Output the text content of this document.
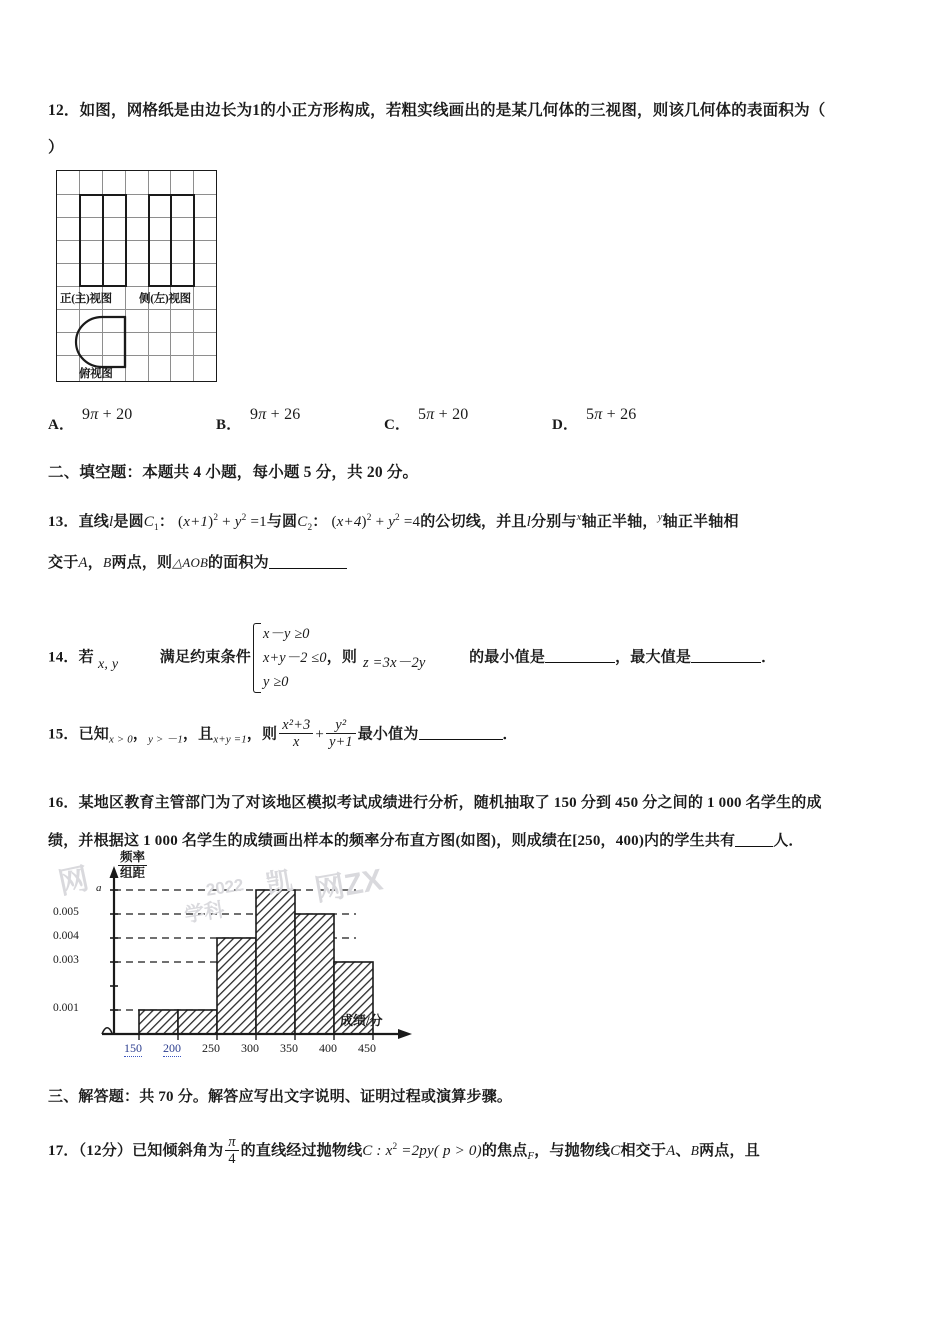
12．如图，网格纸是由边长为1的小正方形构成，若粗实线画出的是某几何体的三视图，则该几何体的表面积为（
）
正(主)视图 侧(左)视图
俯视图
A．
9π + 20
B．
9π + 26
C．
5π + 20
D．
5π + 26
二、填空题：本题共 4 小题，每小题 5 分，共 20 分。
13．直线l是圆$C_1$： $(x+1)^2 + y^2 =1$与圆$C_2$： $(x+4)^2 + y^2 =4$的公切线，并且l分别与$^x$轴正半轴，$^y$轴正半轴相
交于A，B两点，则△AOB的面积为
14．若	满足约束条件
x－y ≥0
x+y－2 ≤0
y ≥0
，则	的最小值是	，最大值是	．
x, y	z =3x－2y
15．已知$_{x > 0}$，$_{y > -1}$，且$_{x+y =1}$，则 $\frac{\text{x²+3}}{x} + \frac{\text{y²}}{y+1}$ 最小值为	．
16．某地区教育主管部门为了对该地区模拟考试成绩进行分析，随机抽取了 150 分到 450 分之间的 1 000 名学生的成
绩，并根据这 1 000 名学生的成绩画出样本的频率分布直方图(如图)，则成绩在[250，400)内的学生共有	人．
网	网ZX
凯
学科
2022
频率
组距
a
0.005
0.004
0.003
0.001
150 200 250 300 350 400 450
成绩/分
三、解答题：共 70 分。解答应写出文字说明、证明过程或演算步骤。
17．（12分）已知倾斜角为 $\frac{\pi}{4}$ 的直线经过抛物线C : $x^2 =2py$( p > 0)的焦点$_F$，与抛物线C相交于A、B两点，且
